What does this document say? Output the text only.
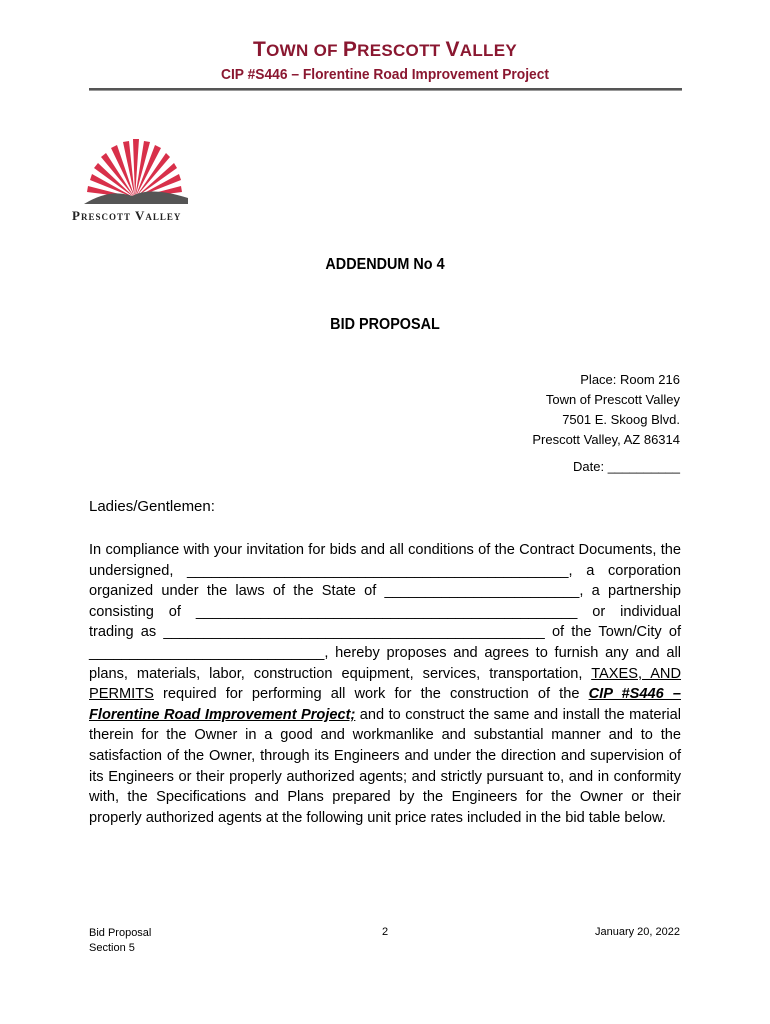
TOWN OF PRESCOTT VALLEY
CIP #S446 – Florentine Road Improvement Project
Prescott Valley
ADDENDUM No 4
BID PROPOSAL
Place: Room 216
Town of Prescott Valley
7501 E. Skoog Blvd.
Prescott Valley, AZ 86314
Date: __________
Ladies/Gentlemen:
In compliance with your invitation for bids and all conditions of the Contract Documents, the undersigned, _______________________________________________, a corporation organized under the laws of the State of ________________________, a partnership consisting of _______________________________________________ or individual trading as _______________________________________________ of the Town/City of _____________________________, hereby proposes and agrees to furnish any and all plans, materials, labor, construction equipment, services, transportation, TAXES, AND PERMITS required for performing all work for the construction of the CIP #S446 – Florentine Road Improvement Project; and to construct the same and install the material therein for the Owner in a good and workmanlike and substantial manner and to the satisfaction of the Owner, through its Engineers and under the direction and supervision of its Engineers or their properly authorized agents; and strictly pursuant to, and in conformity with, the Specifications and Plans prepared by the Engineers for the Owner or their properly authorized agents at the following unit price rates included in the bid table below.
Bid Proposal
Section 5
2	January 20, 2022
